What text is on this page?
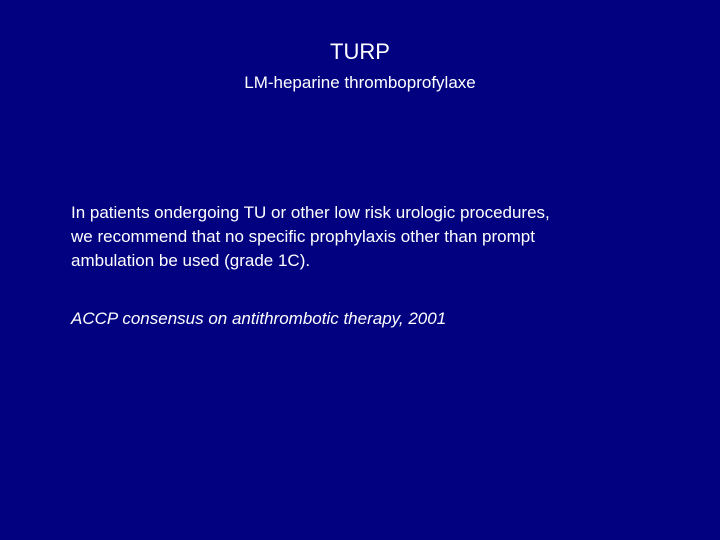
TURP
LM-heparine thromboprofylaxe
In patients ondergoing TU or other low risk urologic procedures,
we recommend that no specific prophylaxis other than prompt
ambulation be used (grade 1C).
ACCP consensus on antithrombotic therapy, 2001
